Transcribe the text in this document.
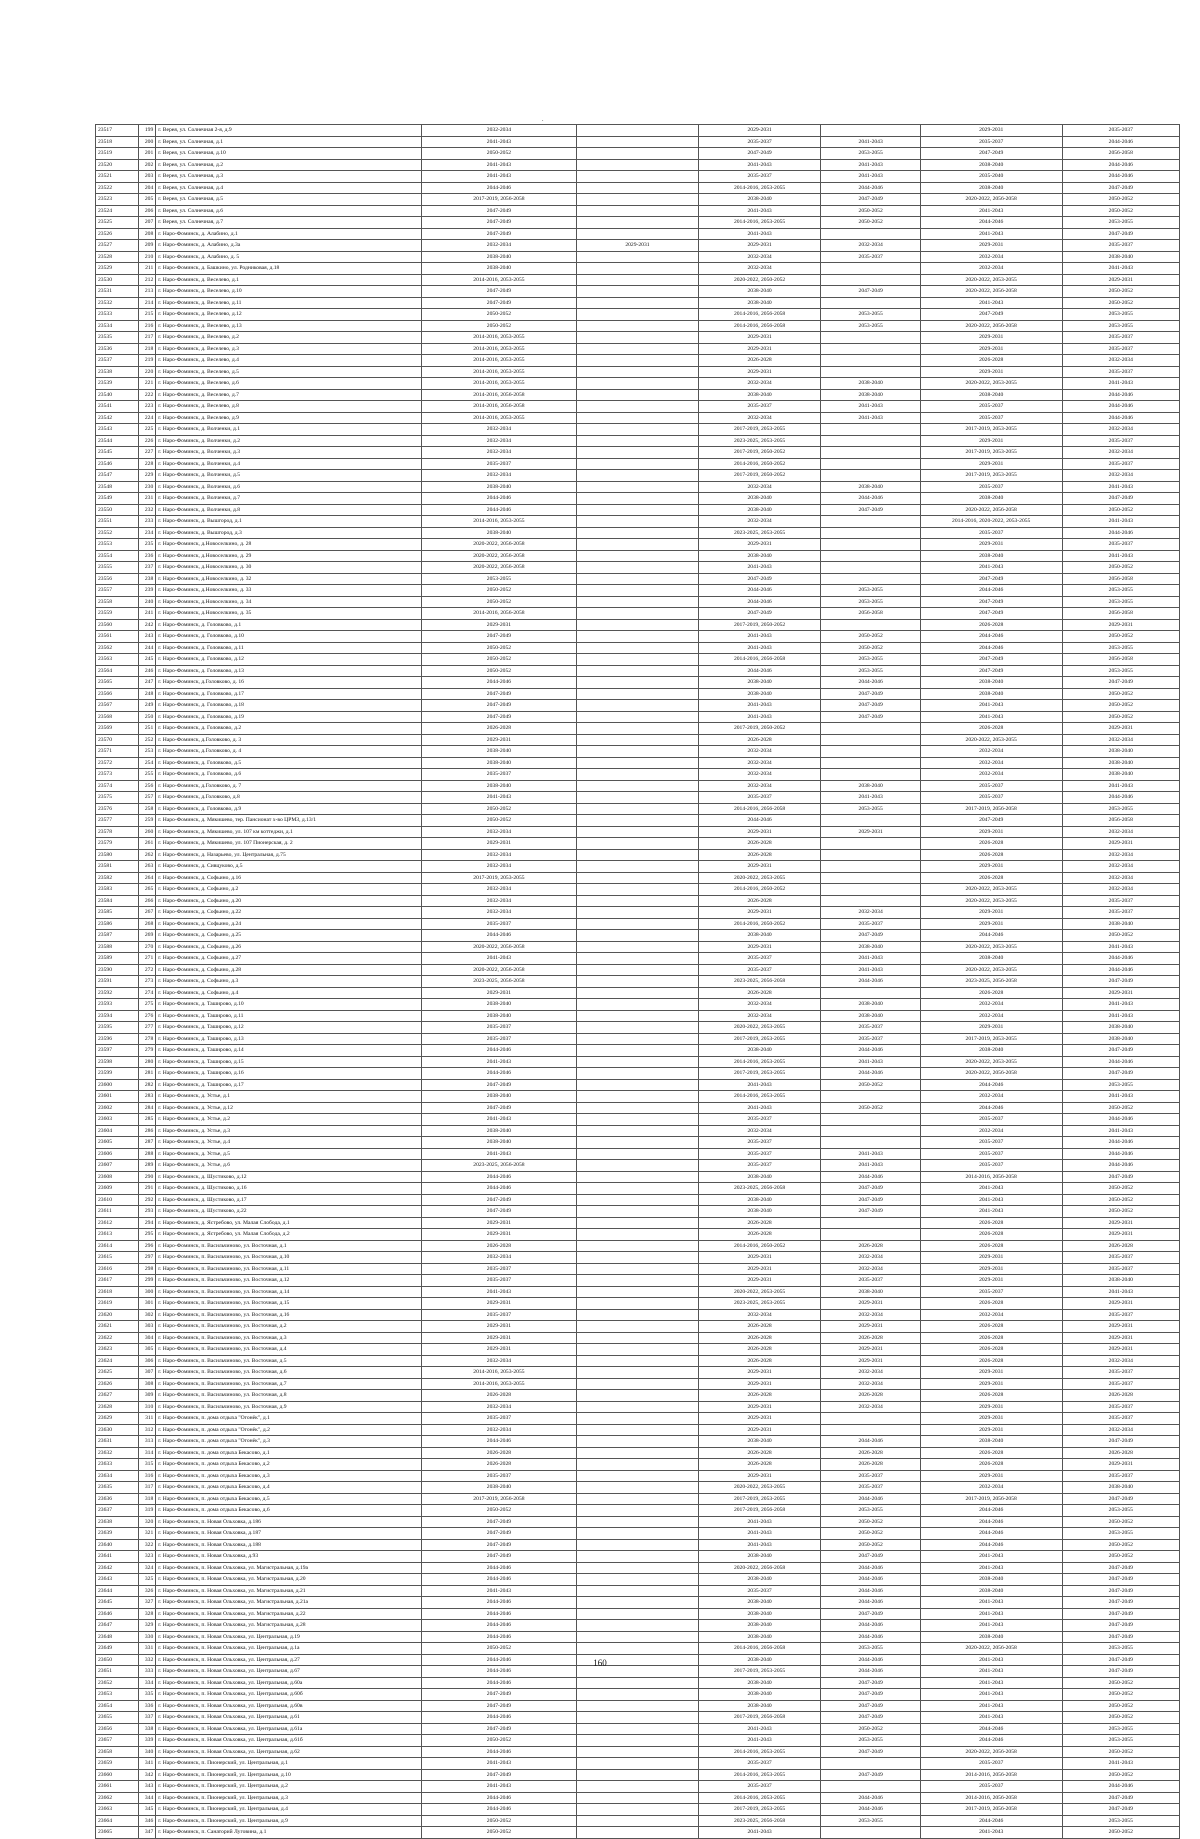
.
23517	199	г. Верея, ул. Солнечная 2-я, д.9	2032-2034		2029-2031		2029-2031	2035-2037
23518	200	г. Верея, ул. Солнечная, д.1	2041-2043		2035-2037	2041-2043	2035-2037	2044-2046
23519	201	г. Верея, ул. Солнечная, д.10	2050-2052		2047-2049	2053-2055	2047-2049	2056-2058
23520	202	г. Верея, ул. Солнечная, д.2	2041-2043		2041-2043	2041-2043	2038-2040	2044-2046
23521	203	г. Верея, ул. Солнечная, д.3	2041-2043		2035-2037	2041-2043	2035-2040	2044-2046
23522	204	г. Верея, ул. Солнечная, д.4	2044-2046		2014-2016, 2053-2055	2044-2046	2038-2040	2047-2049
23523	205	г. Верея, ул. Солнечная, д.5	2017-2019, 2056-2058		2038-2040	2047-2049	2020-2022, 2056-2058	2050-2052
23524	206	г. Верея, ул. Солнечная, д.6	2047-2049		2041-2043	2050-2052	2041-2043	2050-2052
23525	207	г. Верея, ул. Солнечная, д.7	2047-2049		2014-2016, 2053-2055	2050-2052	2044-2046	2053-2055
23526	208	г. Наро-Фоминск, д. Алабино, д.1	2047-2049		2041-2043		2041-2043	2047-2049
23527	209	г. Наро-Фоминск, д. Алабино, д.3а	2032-2034	2029-2031	2029-2031	2032-2034	2029-2031	2035-2037
23528	210	г. Наро-Фоминск, д. Алабино, д. 5	2038-2040		2032-2034	2035-2037	2032-2034	2038-2040
23529	211	г. Наро-Фоминск, д. Башкино, ул. Родниковая, д.18	2038-2040		2032-2034		2032-2034	2041-2043
23530	212	г. Наро-Фоминск, д. Веселево, д.1	2014-2016, 2053-2055		2020-2022, 2050-2052		2020-2022, 2053-2055	2029-2031
23531	213	г. Наро-Фоминск, д. Веселево, д.10	2047-2049		2038-2040	2047-2049	2020-2022, 2056-2058	2050-2052
23532	214	г. Наро-Фоминск, д. Веселево, д.11	2047-2049		2038-2040		2041-2043	2050-2052
23533	215	г. Наро-Фоминск, д. Веселево, д.12	2050-2052		2014-2016, 2056-2058	2053-2055	2047-2049	2053-2055
23534	216	г. Наро-Фоминск, д. Веселево, д.13	2050-2052		2014-2016, 2056-2058	2053-2055	2020-2022, 2056-2058	2053-2055
23535	217	г. Наро-Фоминск, д. Веселево, д.2	2014-2016, 2053-2055		2029-2031		2029-2031	2035-2037
23536	218	г. Наро-Фоминск, д. Веселево, д.3	2014-2016, 2053-2055		2029-2031		2029-2031	2035-2037
23537	219	г. Наро-Фоминск, д. Веселево, д.4	2014-2016, 2053-2055		2026-2028		2026-2028	2032-2034
23538	220	г. Наро-Фоминск, д. Веселево, д.5	2014-2016, 2053-2055		2029-2031		2029-2031	2035-2037
23539	221	г. Наро-Фоминск, д. Веселево, д.6	2014-2016, 2053-2055		2032-2034	2038-2040	2020-2022, 2053-2055	2041-2043
23540	222	г. Наро-Фоминск, д. Веселево, д.7	2014-2016, 2056-2058		2038-2040	2038-2040	2038-2040	2044-2046
23541	223	г. Наро-Фоминск, д. Веселево, д.8	2014-2016, 2056-2058		2035-2037	2041-2043	2035-2037	2044-2046
23542	224	г. Наро-Фоминск, д. Веселево, д.9	2014-2016, 2053-2055		2032-2034	2041-2043	2035-2037	2044-2046
23543	225	г. Наро-Фоминск, д. Волченки, д.1	2032-2034		2017-2019, 2053-2055		2017-2019, 2053-2055	2032-2034
23544	226	г. Наро-Фоминск, д. Волченки, д.2	2032-2034		2023-2025, 2053-2055		2029-2031	2035-2037
23545	227	г. Наро-Фоминск, д. Волченки, д.3	2032-2034		2017-2019, 2050-2052		2017-2019, 2053-2055	2032-2034
23546	228	г. Наро-Фоминск, д. Волченки, д.4	2035-2037		2014-2016, 2050-2052		2029-2031	2035-2037
23547	229	г. Наро-Фоминск, д. Волченки, д.5	2032-2034		2017-2019, 2050-2052		2017-2019, 2053-2055	2032-2034
23548	230	г. Наро-Фоминск, д. Волченки, д.6	2038-2040		2032-2034	2038-2040	2035-2037	2041-2043
23549	231	г. Наро-Фоминск, д. Волченки, д.7	2044-2046		2038-2040	2044-2046	2038-2040	2047-2049
23550	232	г. Наро-Фоминск, д. Волченки, д.8	2044-2046		2038-2040	2047-2049	2020-2022, 2056-2058	2050-2052
23551	233	г. Наро-Фоминск, д. Вышгород, д.1	2014-2016, 2053-2055		2032-2034		2014-2016, 2020-2022, 2053-2055	2041-2043
23552	234	г. Наро-Фоминск, д. Вышгород, д.3	2038-2040		2023-2025, 2053-2055		2035-2037	2044-2046
23553	235	г. Наро-Фоминск, д.Новоселкино, д. 28	2020-2022, 2056-2058		2029-2031		2029-2031	2035-2037
23554	236	г. Наро-Фоминск, д.Новоселкино, д. 29	2020-2022, 2056-2058		2038-2040		2038-2040	2041-2043
23555	237	г. Наро-Фоминск, д.Новоселкино, д. 30	2020-2022, 2056-2058		2041-2043		2041-2043	2050-2052
23556	238	г. Наро-Фоминск, д.Новоселкино, д. 32	2053-2055		2047-2049		2047-2049	2056-2058
23557	239	г. Наро-Фоминск, д.Новоселкино, д. 33	2050-2052		2044-2046	2053-2055	2044-2046	2053-2055
23558	240	г. Наро-Фоминск, д.Новоселкино, д. 34	2050-2052		2044-2046	2053-2055	2047-2049	2053-2055
23559	241	г. Наро-Фоминск, д.Новоселкино, д. 35	2014-2016, 2056-2058		2047-2049	2056-2058	2047-2049	2056-2058
23560	242	г. Наро-Фоминск, д. Головково, д.1	2029-2031		2017-2019, 2050-2052		2026-2028	2029-2031
23561	243	г. Наро-Фоминск, д. Головково, д.10	2047-2049		2041-2043	2050-2052	2044-2046	2050-2052
23562	244	г. Наро-Фоминск, д. Головково, д.11	2050-2052		2041-2043	2050-2052	2044-2046	2053-2055
23563	245	г. Наро-Фоминск, д. Головково, д.12	2050-2052		2014-2016, 2056-2058	2053-2055	2047-2049	2056-2058
23564	246	г. Наро-Фоминск, д. Головково, д.13	2050-2052		2044-2046	2053-2055	2047-2049	2053-2055
23565	247	г. Наро-Фоминск, д.Головково, д. 16	2044-2046		2038-2040	2044-2046	2038-2040	2047-2049
23566	248	г. Наро-Фоминск, д. Головково, д.17	2047-2049		2038-2040	2047-2049	2038-2040	2050-2052
23567	249	г. Наро-Фоминск, д. Головково, д.18	2047-2049		2041-2043	2047-2049	2041-2043	2050-2052
23568	250	г. Наро-Фоминск, д. Головково, д.19	2047-2049		2041-2043	2047-2049	2041-2043	2050-2052
23569	251	г. Наро-Фоминск, д. Головково, д.2	2026-2028		2017-2019, 2050-2052		2026-2028	2029-2031
23570	252	г. Наро-Фоминск, д.Головково, д. 3	2029-2031		2026-2028		2020-2022, 2053-2055	2032-2034
23571	253	г. Наро-Фоминск, д.Головково, д. 4	2038-2040		2032-2034		2032-2034	2038-2040
23572	254	г. Наро-Фоминск, д. Головково, д.5	2038-2040		2032-2034		2032-2034	2038-2040
23573	255	г. Наро-Фоминск, д. Головково, д.6	2035-2037		2032-2034		2032-2034	2038-2040
23574	256	г. Наро-Фоминск, д.Головково, д. 7	2038-2040		2032-2034	2038-2040	2035-2037	2041-2043
23575	257	г. Наро-Фоминск, д.Головково, д.8	2041-2043		2035-2037	2041-2043	2035-2037	2044-2046
23576	258	г. Наро-Фоминск, д. Головково, д.9	2050-2052		2014-2016, 2056-2058	2053-2055	2017-2019, 2056-2058	2053-2055
23577	259	г. Наро-Фоминск, д. Мякишево, тер. Пансионат х-во ЦРМЗ, д.13/1	2050-2052		2044-2046		2047-2049	2056-2058
23578	260	г. Наро-Фоминск, д. Мякишево, ул. 107 км коттеджи, д.1	2032-2034		2029-2031	2029-2031	2029-2031	2032-2034
23579	261	г. Наро-Фоминск, д. Мякишево, ул. 107 Пионерская, д. 2	2029-2031		2026-2028		2026-2028	2029-2031
23580	262	г. Наро-Фоминск, д. Назарьево, ул. Центральная, д.75	2032-2034		2026-2028		2026-2028	2032-2034
23581	263	г. Наро-Фоминск, д. Сивцуково, д.5	2032-2034		2029-2031		2029-2031	2032-2034
23582	264	г. Наро-Фоминск, д. Софьино, д.16	2017-2019, 2053-2055		2020-2022, 2053-2055		2026-2028	2032-2034
23583	265	г. Наро-Фоминск, д. Софьино, д.2	2032-2034		2014-2016, 2050-2052		2020-2022, 2053-2055	2032-2034
23584	266	г. Наро-Фоминск, д. Софьино, д.20	2032-2034		2026-2028		2020-2022, 2053-2055	2035-2037
23585	267	г. Наро-Фоминск, д. Софьино, д.22	2032-2034		2029-2031	2032-2034	2029-2031	2035-2037
23586	268	г. Наро-Фоминск, д. Софьино, д.24	2035-2037		2014-2016, 2050-2052	2035-2037	2029-2031	2038-2040
23587	269	г. Наро-Фоминск, д. Софьино, д.25	2044-2046		2038-2040	2047-2049	2044-2046	2050-2052
23588	270	г. Наро-Фоминск, д. Софьино, д.26	2020-2022, 2056-2058		2029-2031	2038-2040	2020-2022, 2053-2055	2041-2043
23589	271	г. Наро-Фоминск, д. Софьино, д.27	2041-2043		2035-2037	2041-2043	2038-2040	2044-2046
23590	272	г. Наро-Фоминск, д. Софьино, д.28	2020-2022, 2056-2058		2035-2037	2041-2043	2020-2022, 2053-2055	2044-2046
23591	273	г. Наро-Фоминск, д. Софьино, д.3	2023-2025, 2056-2058		2023-2025, 2056-2058	2044-2046	2023-2025, 2056-2058	2047-2049
23592	274	г. Наро-Фоминск, д. Софьино, д.4	2029-2031		2026-2028		2026-2028	2029-2031
23593	275	г. Наро-Фоминск, д. Таширово, д.10	2038-2040		2032-2034	2038-2040	2032-2034	2041-2043
23594	276	г. Наро-Фоминск, д. Таширово, д.11	2038-2040		2032-2034	2038-2040	2032-2034	2041-2043
23595	277	г. Наро-Фоминск, д. Таширово, д.12	2035-2037		2020-2022, 2053-2055	2035-2037	2029-2031	2038-2040
23596	278	г. Наро-Фоминск, д. Таширово, д.13	2035-2037		2017-2019, 2053-2055	2035-2037	2017-2019, 2053-2055	2038-2040
23597	279	г. Наро-Фоминск, д. Таширово, д.14	2044-2046		2038-2040	2044-2046	2038-2040	2047-2049
23598	280	г. Наро-Фоминск, д. Таширово, д.15	2041-2043		2014-2016, 2053-2055	2041-2043	2020-2022, 2053-2055	2044-2046
23599	281	г. Наро-Фоминск, д. Таширово, д.16	2044-2046		2017-2019, 2053-2055	2044-2046	2020-2022, 2056-2058	2047-2049
23600	282	г. Наро-Фоминск, д. Таширово, д.17	2047-2049		2041-2043	2050-2052	2044-2046	2053-2055
23601	283	г. Наро-Фоминск, д. Устье, д.1	2038-2040		2014-2016, 2053-2055		2032-2034	2041-2043
23602	284	г. Наро-Фоминск, д. Устье, д.12	2047-2049		2041-2043	2050-2052	2044-2046	2050-2052
23603	285	г. Наро-Фоминск, д. Устье, д.2	2041-2043		2035-2037		2035-2037	2044-2046
23604	286	г. Наро-Фоминск, д. Устье, д.3	2038-2040		2032-2034		2032-2034	2041-2043
23605	287	г. Наро-Фоминск, д. Устье, д.4	2038-2040		2035-2037		2035-2037	2044-2046
23606	288	г. Наро-Фоминск, д. Устье, д.5	2041-2043		2035-2037	2041-2043	2035-2037	2044-2046
23607	289	г. Наро-Фоминск, д. Устье, д.6	2023-2025, 2056-2058		2035-2037	2041-2043	2035-2037	2044-2046
23608	290	г. Наро-Фоминск, д. Шустиково, д.12	2044-2046		2038-2040	2044-2046	2014-2016, 2056-2058	2047-2049
23609	291	г. Наро-Фоминск, д. Шустиково, д.16	2044-2046		2023-2025, 2056-2058	2047-2049	2041-2043	2050-2052
23610	292	г. Наро-Фоминск, д. Шустиково, д.17	2047-2049		2038-2040	2047-2049	2041-2043	2050-2052
23611	293	г. Наро-Фоминск, д. Шустиково, д.22	2047-2049		2038-2040	2047-2049	2041-2043	2050-2052
23612	294	г. Наро-Фоминск, д. Ястребово, ул. Малая Слобода, д.1	2029-2031		2026-2028		2026-2028	2029-2031
23613	295	г. Наро-Фоминск, д. Ястребово, ул. Малая Слобода, д.2	2029-2031		2026-2028		2026-2028	2029-2031
23614	296	г. Наро-Фоминск, п. Васильчиново, ул. Восточная, д.1	2026-2028		2014-2016, 2050-2052	2026-2028	2026-2028	2026-2028
23615	297	г. Наро-Фоминск, п. Васильчиново, ул. Восточная, д.10	2032-2034		2029-2031	2032-2034	2029-2031	2035-2037
23616	298	г. Наро-Фоминск, п. Васильчиново, ул. Восточная, д.11	2035-2037		2029-2031	2032-2034	2029-2031	2035-2037
23617	299	г. Наро-Фоминск, п. Васильчиново, ул. Восточная, д.12	2035-2037		2029-2031	2035-2037	2029-2031	2038-2040
23618	300	г. Наро-Фоминск, п. Васильчиново, ул. Восточная, д.14	2041-2043		2020-2022, 2053-2055	2038-2040	2035-2037	2041-2043
23619	301	г. Наро-Фоминск, п. Васильчиново, ул. Восточная, д.15	2029-2031		2023-2025, 2053-2055	2029-2031	2026-2028	2029-2031
23620	302	г. Наро-Фоминск, п. Васильчиново, ул. Восточная, д.16	2035-2037		2032-2034	2032-2034	2032-2034	2035-2037
23621	303	г. Наро-Фоминск, п. Васильчиново, ул. Восточная, д.2	2029-2031		2026-2028	2029-2031	2026-2028	2029-2031
23622	304	г. Наро-Фоминск, п. Васильчиново, ул. Восточная, д.3	2029-2031		2026-2028	2026-2028	2026-2028	2029-2031
23623	305	г. Наро-Фоминск, п. Васильчиново, ул. Восточная, д.4	2029-2031		2026-2028	2029-2031	2026-2028	2029-2031
23624	306	г. Наро-Фоминск, п. Васильчиново, ул. Восточная, д.5	2032-2034		2026-2028	2029-2031	2026-2028	2032-2034
23625	307	г. Наро-Фоминск, п. Васильчиново, ул. Восточная, д.6	2014-2016, 2053-2055		2029-2031	2032-2034	2029-2031	2035-2037
23626	308	г. Наро-Фоминск, п. Васильчиново, ул. Восточная, д.7	2014-2016, 2053-2055		2029-2031	2032-2034	2029-2031	2035-2037
23627	309	г. Наро-Фоминск, п. Васильчиново, ул. Восточная, д.8	2026-2028		2026-2028	2026-2028	2026-2028	2026-2028
23628	310	г. Наро-Фоминск, п. Васильчиново, ул. Восточная, д.9	2032-2034		2029-2031	2032-2034	2029-2031	2035-2037
23629	311	г. Наро-Фоминск, п. дома отдыха "Огонёк", д.1	2035-2037		2029-2031		2029-2031	2035-2037
23630	312	г. Наро-Фоминск, п. дома отдыха "Огонёк", д.2	2032-2034		2029-2031		2029-2031	2032-2034
23631	313	г. Наро-Фоминск, п. дома отдыха "Огонёк", д.3	2044-2046		2038-2040	2044-2046	2038-2040	2047-2049
23632	314	г. Наро-Фоминск, п. дома отдыха Бекасово, д.1	2026-2028		2026-2028	2026-2028	2026-2028	2026-2028
23633	315	г. Наро-Фоминск, п. дома отдыха Бекасово, д.2	2026-2028		2026-2028	2026-2028	2026-2028	2029-2031
23634	316	г. Наро-Фоминск, п. дома отдыха Бекасово, д.3	2035-2037		2029-2031	2035-2037	2029-2031	2035-2037
23635	317	г. Наро-Фоминск, п. дома отдыха Бекасово, д.4	2038-2040		2020-2022, 2053-2055	2035-2037	2032-2034	2038-2040
23636	318	г. Наро-Фоминск, п. дома отдыха Бекасово, д.5	2017-2019, 2056-2058		2017-2019, 2053-2055	2044-2046	2017-2019, 2056-2058	2047-2049
23637	319	г. Наро-Фоминск, п. дома отдыха Бекасово, д.6	2050-2052		2017-2019, 2056-2058	2053-2055	2044-2046	2053-2055
23638	320	г. Наро-Фоминск, п. Новая Ольховка, д.186	2047-2049		2041-2043	2050-2052	2044-2046	2050-2052
23639	321	г. Наро-Фоминск, п. Новая Ольховка, д.187	2047-2049		2041-2043	2050-2052	2044-2046	2053-2055
23640	322	г. Наро-Фоминск, п. Новая Ольховка, д.188	2047-2049		2041-2043	2050-2052	2044-2046	2050-2052
23641	323	г. Наро-Фоминск, п. Новая Ольховка, д.93	2047-2049		2038-2040	2047-2049	2041-2043	2050-2052
23642	324	г. Наро-Фоминск, п. Новая Ольховка, ул. Магистральная, д.19а	2044-2046		2020-2022, 2056-2058	2044-2046	2041-2043	2047-2049
23643	325	г. Наро-Фоминск, п. Новая Ольховка, ул. Магистральная, д.20	2044-2046		2038-2040	2044-2046	2038-2040	2047-2049
23644	326	г. Наро-Фоминск, п. Новая Ольховка, ул. Магистральная, д.21	2041-2043		2035-2037	2044-2046	2038-2040	2047-2049
23645	327	г. Наро-Фоминск, п. Новая Ольховка, ул. Магистральная, д.21а	2044-2046		2038-2040	2044-2046	2041-2043	2047-2049
23646	328	г. Наро-Фоминск, п. Новая Ольховка, ул. Магистральная, д.22	2044-2046		2038-2040	2047-2049	2041-2043	2047-2049
23647	329	г. Наро-Фоминск, п. Новая Ольховка, ул. Магистральная, д.28	2044-2046		2038-2040	2044-2046	2041-2043	2047-2049
23648	330	г. Наро-Фоминск, п. Новая Ольховка, ул. Центральная, д.19	2044-2046		2038-2040	2044-2046	2038-2040	2047-2049
23649	331	г. Наро-Фоминск, п. Новая Ольховка, ул. Центральная, д.1а	2050-2052		2014-2016, 2056-2058	2053-2055	2020-2022, 2056-2058	2053-2055
23650	332	г. Наро-Фоминск, п. Новая Ольховка, ул. Центральная, д.27	2044-2046		2038-2040	2044-2046	2041-2043	2047-2049
23651	333	г. Наро-Фоминск, п. Новая Ольховка, ул. Центральная, д.67	2044-2046		2017-2019, 2053-2055	2044-2046	2041-2043	2047-2049
23652	334	г. Наро-Фоминск, п. Новая Ольховка, ул. Центральная, д.60а	2044-2046		2038-2040	2047-2049	2041-2043	2050-2052
23653	335	г. Наро-Фоминск, п. Новая Ольховка, ул. Центральная, д.60б	2047-2049		2038-2040	2047-2049	2041-2043	2050-2052
23654	336	г. Наро-Фоминск, п. Новая Ольховка, ул. Центральная, д.60в	2047-2049		2038-2040	2047-2049	2041-2043	2050-2052
23655	337	г. Наро-Фоминск, п. Новая Ольховка, ул. Центральная, д.61	2044-2046		2017-2019, 2056-2058	2047-2049	2041-2043	2050-2052
23656	338	г. Наро-Фоминск, п. Новая Ольховка, ул. Центральная, д.61а	2047-2049		2041-2043	2050-2052	2044-2046	2053-2055
23657	339	г. Наро-Фоминск, п. Новая Ольховка, ул. Центральная, д.61б	2050-2052		2041-2043	2053-2055	2044-2046	2053-2055
23658	340	г. Наро-Фоминск, п. Новая Ольховка, ул. Центральная, д.62	2044-2046		2014-2016, 2053-2055	2047-2049	2020-2022, 2056-2058	2050-2052
23659	341	г. Наро-Фоминск, п. Пионерский, ул. Центральная, д.1	2041-2043		2035-2037		2035-2037	2041-2043
23660	342	г. Наро-Фоминск, п. Пионерский, ул. Центральная, д.10	2047-2049		2014-2016, 2053-2055	2047-2049	2014-2016, 2056-2058	2050-2052
23661	343	г. Наро-Фоминск, п. Пионерский, ул. Центральная, д.2	2041-2043		2035-2037		2035-2037	2044-2046
23662	344	г. Наро-Фоминск, п. Пионерский, ул. Центральная, д.3	2044-2046		2014-2016, 2053-2055	2044-2046	2014-2016, 2056-2058	2047-2049
23663	345	г. Наро-Фоминск, п. Пионерский, ул. Центральная, д.4	2044-2046		2017-2019, 2053-2055	2044-2046	2017-2019, 2056-2058	2047-2049
23664	346	г. Наро-Фоминск, п. Пионерский, ул. Центральная, д.9	2050-2052		2023-2025, 2056-2058	2053-2055	2044-2046	2053-2055
23665	347	г. Наро-Фоминск, п. Санаторий Луговина, д.1	2050-2052		2041-2043		2041-2043	2050-2052
160
